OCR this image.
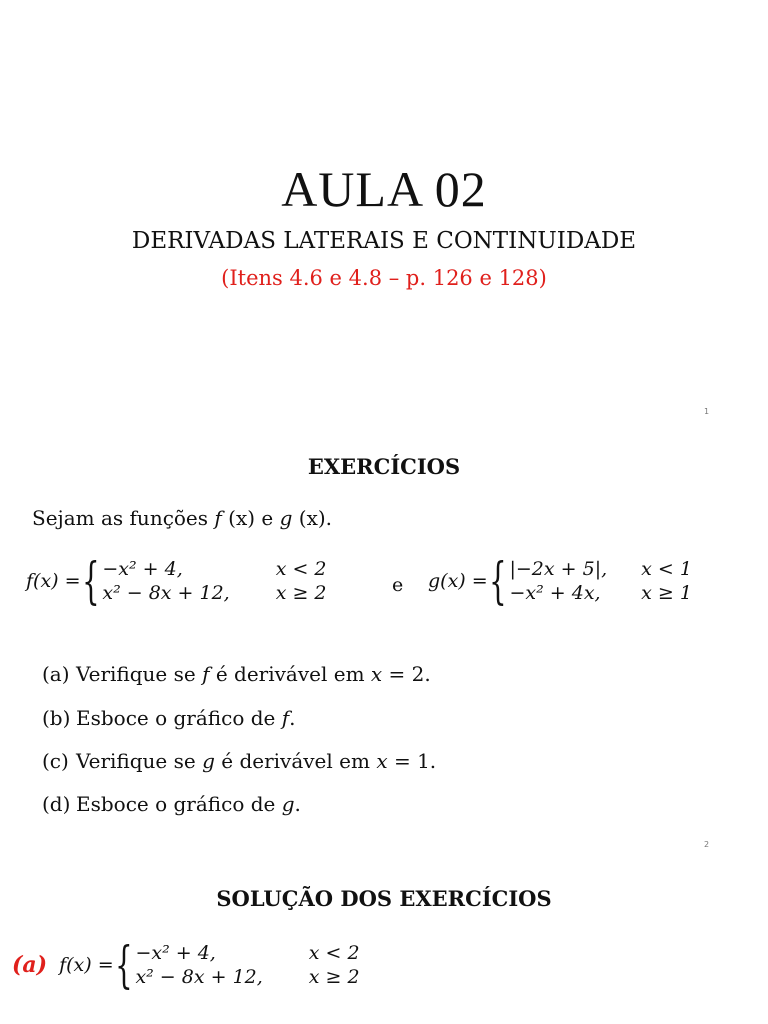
AULA 02
DERIVADAS LATERAIS E CONTINUIDADE
(Itens 4.6 e 4.8 – p. 126 e 128)
1
EXERCÍCIOS
Sejam as funções f (x) e g (x).
f(x) = { −x² + 4,	x < 2
x² − 8x + 12, x ≥ 2	e g(x) = { |−2x + 5|, x < 1
−x² + 4x,	x ≥ 1
(a) Verifique se f é derivável em x = 2.
(b) Esboce o gráfico de f.
(c) Verifique se g é derivável em x = 1.
(d) Esboce o gráfico de g.
2
SOLUÇÃO DOS EXERCÍCIOS
(a) f(x) = { −x² + 4,	x < 2
x² − 8x + 12, x ≥ 2
